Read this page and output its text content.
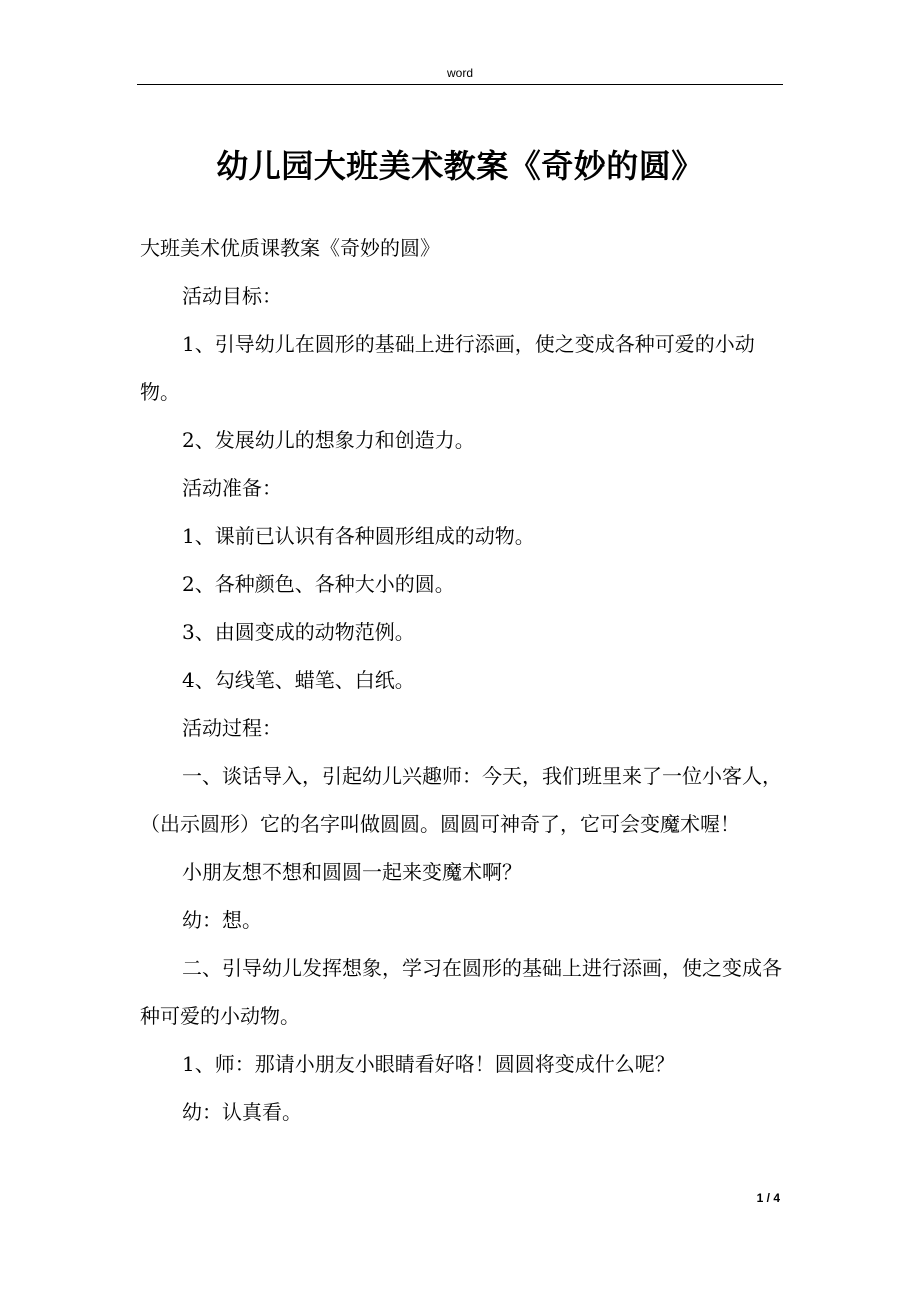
word
幼儿园大班美术教案《奇妙的圆》

大班美术优质课教案《奇妙的圆》

活动目标：

1、引导幼儿在圆形的基础上进行添画，使之变成各种可爱的小动物。

2、发展幼儿的想象力和创造力。

活动准备：

1、课前已认识有各种圆形组成的动物。

2、各种颜色、各种大小的圆。

3、由圆变成的动物范例。

4、勾线笔、蜡笔、白纸。

活动过程：

一、谈话导入，引起幼儿兴趣师：今天，我们班里来了一位小客人，（出示圆形）它的名字叫做圆圆。圆圆可神奇了，它可会变魔术喔！

小朋友想不想和圆圆一起来变魔术啊？

幼：想。

二、引导幼儿发挥想象，学习在圆形的基础上进行添画，使之变成各种可爱的小动物。

1、师：那请小朋友小眼睛看好咯！圆圆将变成什么呢？

幼：认真看。

1 / 4
